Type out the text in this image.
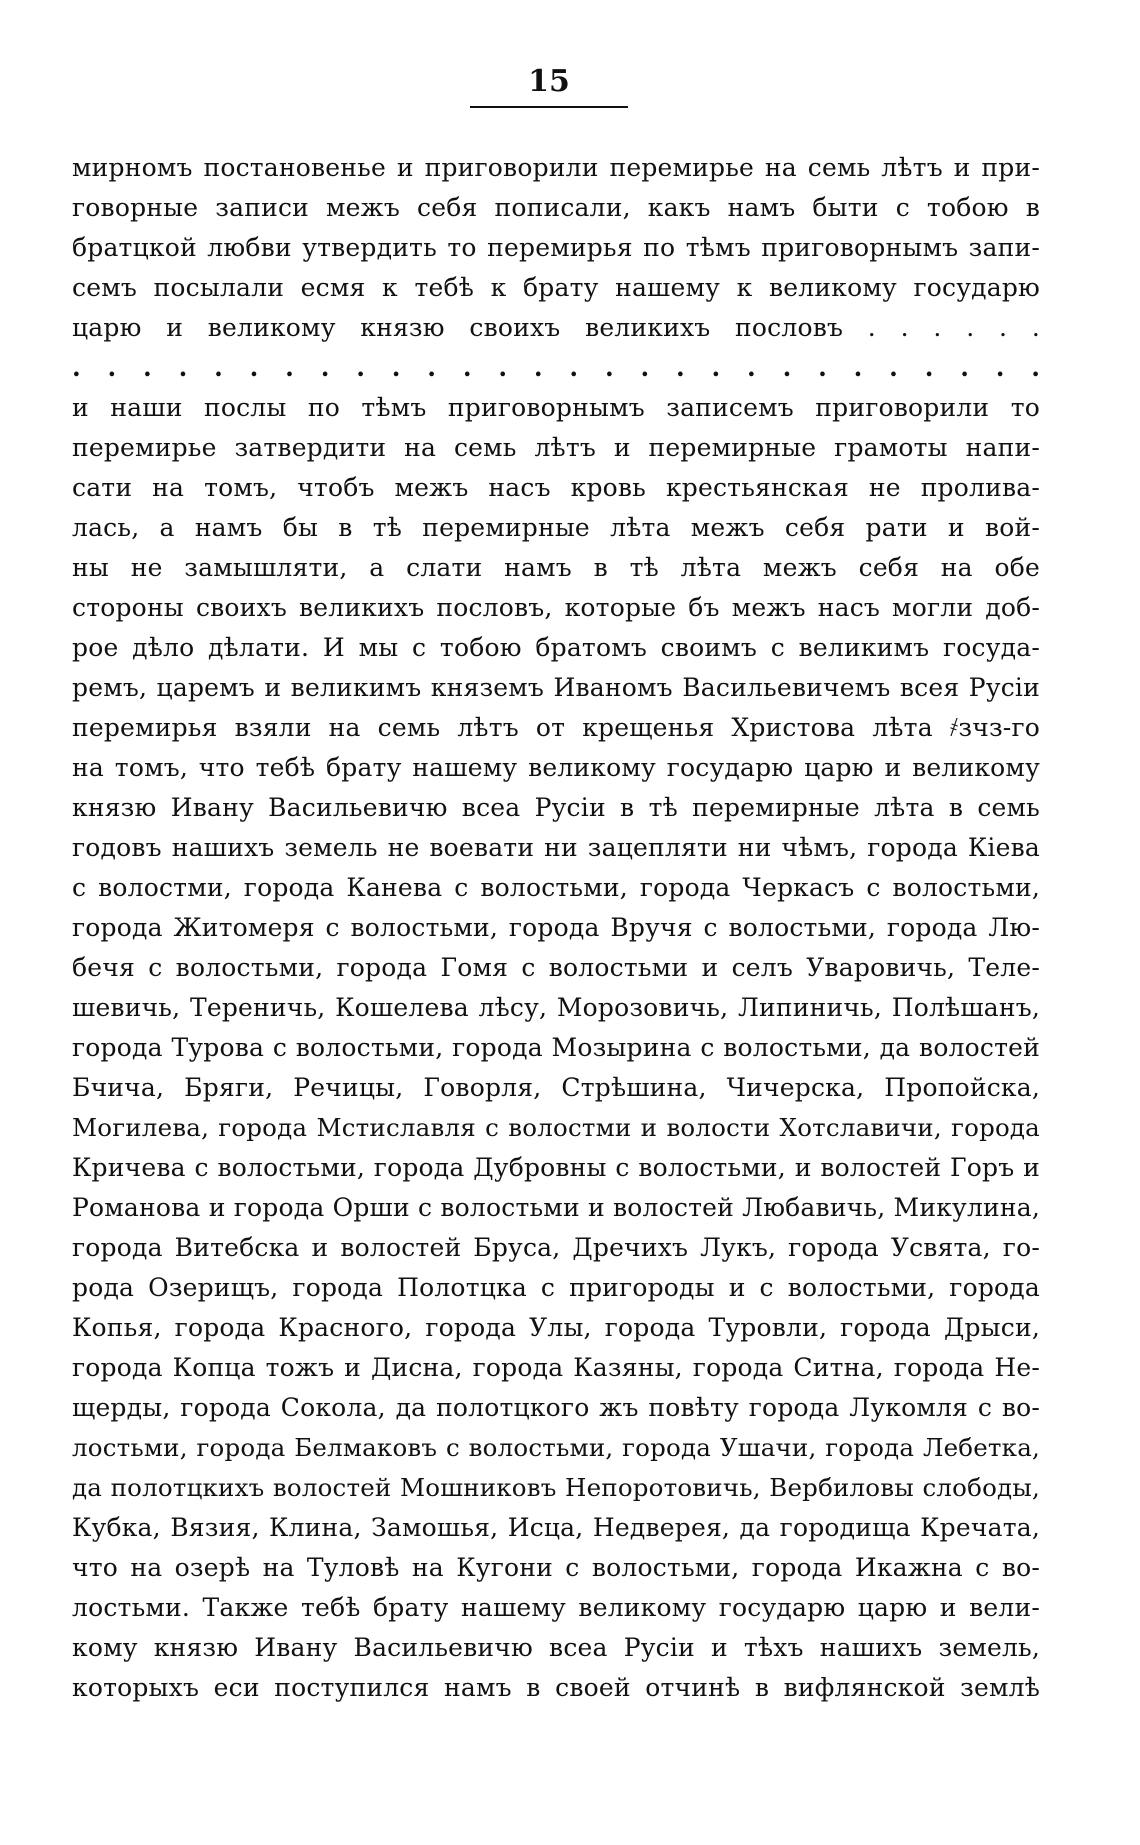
15
мирномъ постановенье и приговорили перемирье на семь лѣтъ и при-
говорные записи межъ себя пописали, какъ намъ быти с тобою в
братцкой любви утвердить то перемирья по тѣмъ приговорнымъ запи-
семъ посылали есмя к тебѣ к брату нашему к великому государю
царю и великому князю своихъ великихъ пословъ . . . . . .
. . . . . . . . . . . . . . . . . . . . . . . . . . . .
и наши послы по тѣмъ приговорнымъ записемъ приговорили то
перемирье затвердити на семь лѣтъ и перемирные грамоты напи-
сати на томъ, чтобъ межъ насъ кровь крестьянская не пролива-
лась, а намъ бы в тѣ перемирные лѣта межъ себя рати и вой-
ны не замышляти, а слати намъ в тѣ лѣта межъ себя на обе
стороны своихъ великихъ пословъ, которые бъ межъ насъ могли доб-
рое дѣло дѣлати. И мы с тобою братомъ своимъ с великимъ госуда-
ремъ, царемъ и великимъ княземъ Иваномъ Васильевичемъ всея Русіи
перемирья взяли на семь лѣтъ от крещенья Христова лѣта ҂зчз-го
на томъ, что тебѣ брату нашему великому государю царю и великому
князю Ивану Васильевичю всеа Русіи в тѣ перемирные лѣта в семь
годовъ нашихъ земель не воевати ни зацепляти ни чѣмъ, города Кіева
с волостми, города Канева с волостьми, города Черкасъ с волостьми,
города Житомеря с волостьми, города Вручя с волостьми, города Лю-
бечя с волостьми, города Гомя с волостьми и селъ Уваровичь, Теле-
шевичь, Тереничь, Кошелева лѣсу, Морозовичь, Липиничь, Полѣшанъ,
города Турова с волостьми, города Мозырина с волостьми, да волостей
Бчича, Бряги, Речицы, Говорля, Стрѣшина, Чичерска, Пропойска,
Могилева, города Мстиславля с волостми и волости Хотславичи, города
Кричева с волостьми, города Дубровны с волостьми, и волостей Горъ и
Романова и города Орши с волостьми и волостей Любавичь, Микулина,
города Витебска и волостей Бруса, Дречихъ Лукъ, города Усвята, го-
рода Озерищъ, города Полотцка с пригороды и с волостьми, города
Копья, города Красного, города Улы, города Туровли, города Дрыси,
города Копца тожъ и Дисна, города Казяны, города Ситна, города Не-
щерды, города Сокола, да полотцкого жъ повѣту города Лукомля с во-
лостьми, города Белмаковъ с волостьми, города Ушачи, города Лебетка,
да полотцкихъ волостей Мошниковъ Непоротовичь, Вербиловы слободы,
Кубка, Вязия, Клина, Замошья, Исца, Недверея, да городища Кречата,
что на озерѣ на Туловѣ на Кугони с волостьми, города Икажна с во-
лостьми. Также тебѣ брату нашему великому государю царю и вели-
кому князю Ивану Васильевичю всеа Русіи и тѣхъ нашихъ земель,
которыхъ еси поступился намъ в своей отчинѣ в вифлянской землѣ
